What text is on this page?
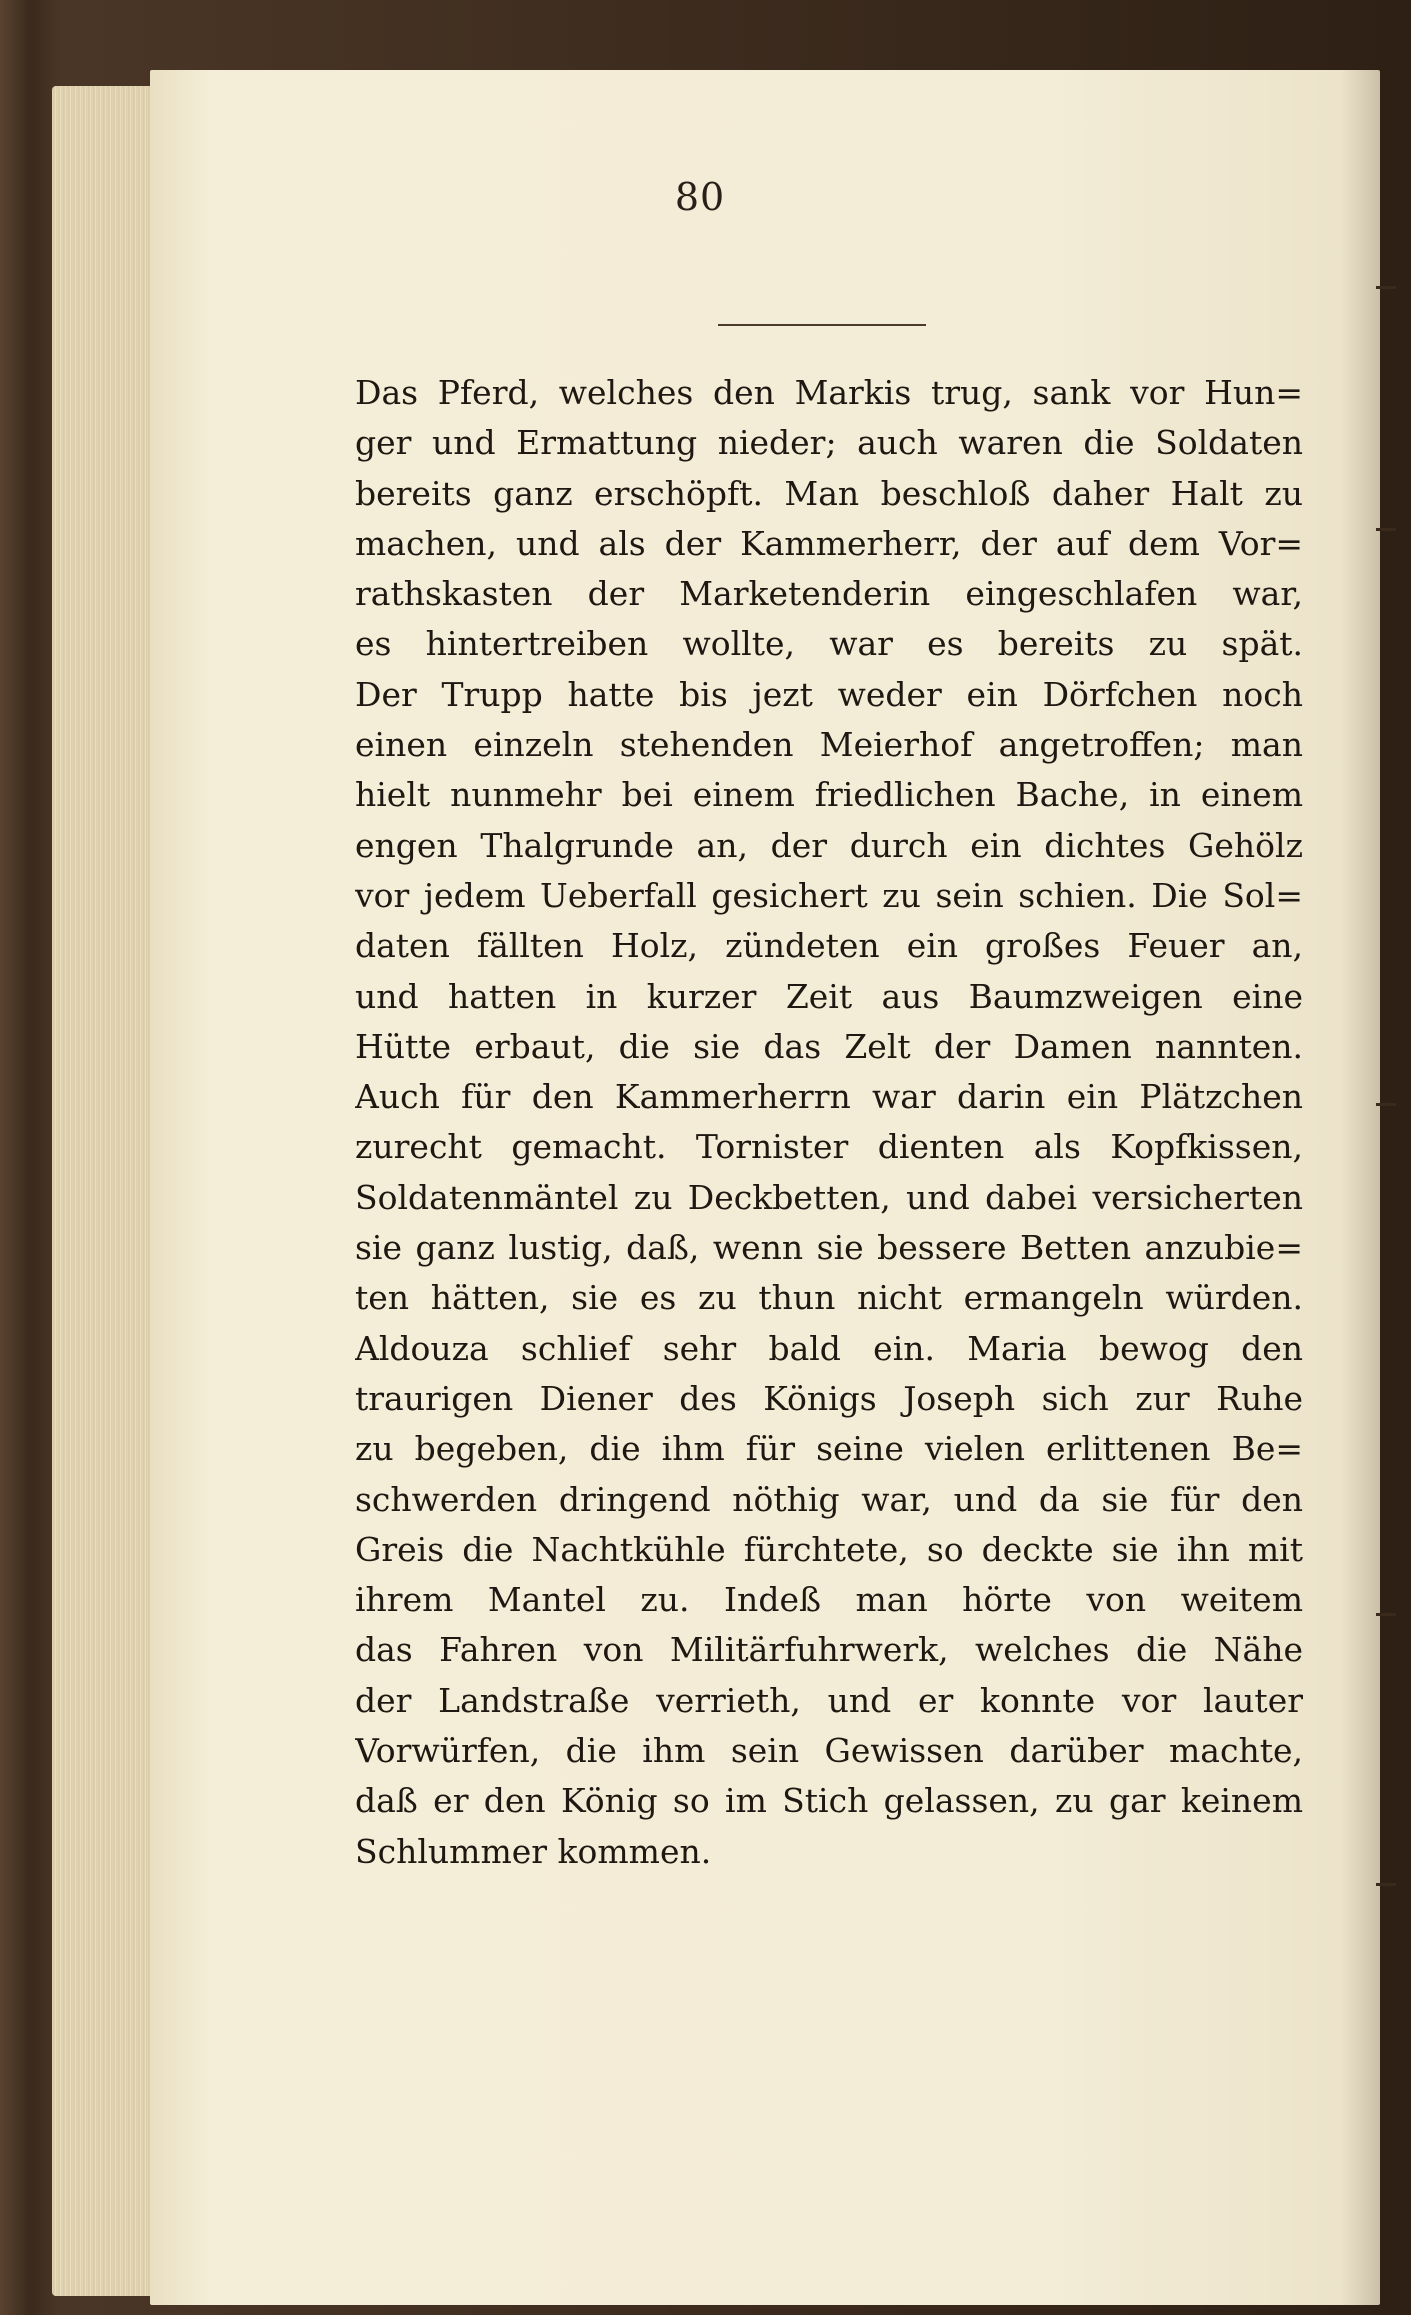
80
Das Pferd, welches den Markis trug, sank vor Hun=
ger und Ermattung nieder; auch waren die Soldaten
bereits ganz erschöpft. Man beschloß daher Halt zu
machen, und als der Kammerherr, der auf dem Vor=
rathskasten der Marketenderin eingeschlafen war,
es hintertreiben wollte, war es bereits zu spät.
Der Trupp hatte bis jezt weder ein Dörfchen noch
einen einzeln stehenden Meierhof angetroffen; man
hielt nunmehr bei einem friedlichen Bache, in einem
engen Thalgrunde an, der durch ein dichtes Gehölz
vor jedem Ueberfall gesichert zu sein schien. Die Sol=
daten fällten Holz, zündeten ein großes Feuer an,
und hatten in kurzer Zeit aus Baumzweigen eine
Hütte erbaut, die sie das Zelt der Damen nannten.
Auch für den Kammerherrn war darin ein Plätzchen
zurecht gemacht. Tornister dienten als Kopfkissen,
Soldatenmäntel zu Deckbetten, und dabei versicherten
sie ganz lustig, daß, wenn sie bessere Betten anzubie=
ten hätten, sie es zu thun nicht ermangeln würden.
Aldouza schlief sehr bald ein. Maria bewog den
traurigen Diener des Königs Joseph sich zur Ruhe
zu begeben, die ihm für seine vielen erlittenen Be=
schwerden dringend nöthig war, und da sie für den
Greis die Nachtkühle fürchtete, so deckte sie ihn mit
ihrem Mantel zu. Indeß man hörte von weitem
das Fahren von Militärfuhrwerk, welches die Nähe
der Landstraße verrieth, und er konnte vor lauter
Vorwürfen, die ihm sein Gewissen darüber machte,
daß er den König so im Stich gelassen, zu gar keinem
Schlummer kommen.
